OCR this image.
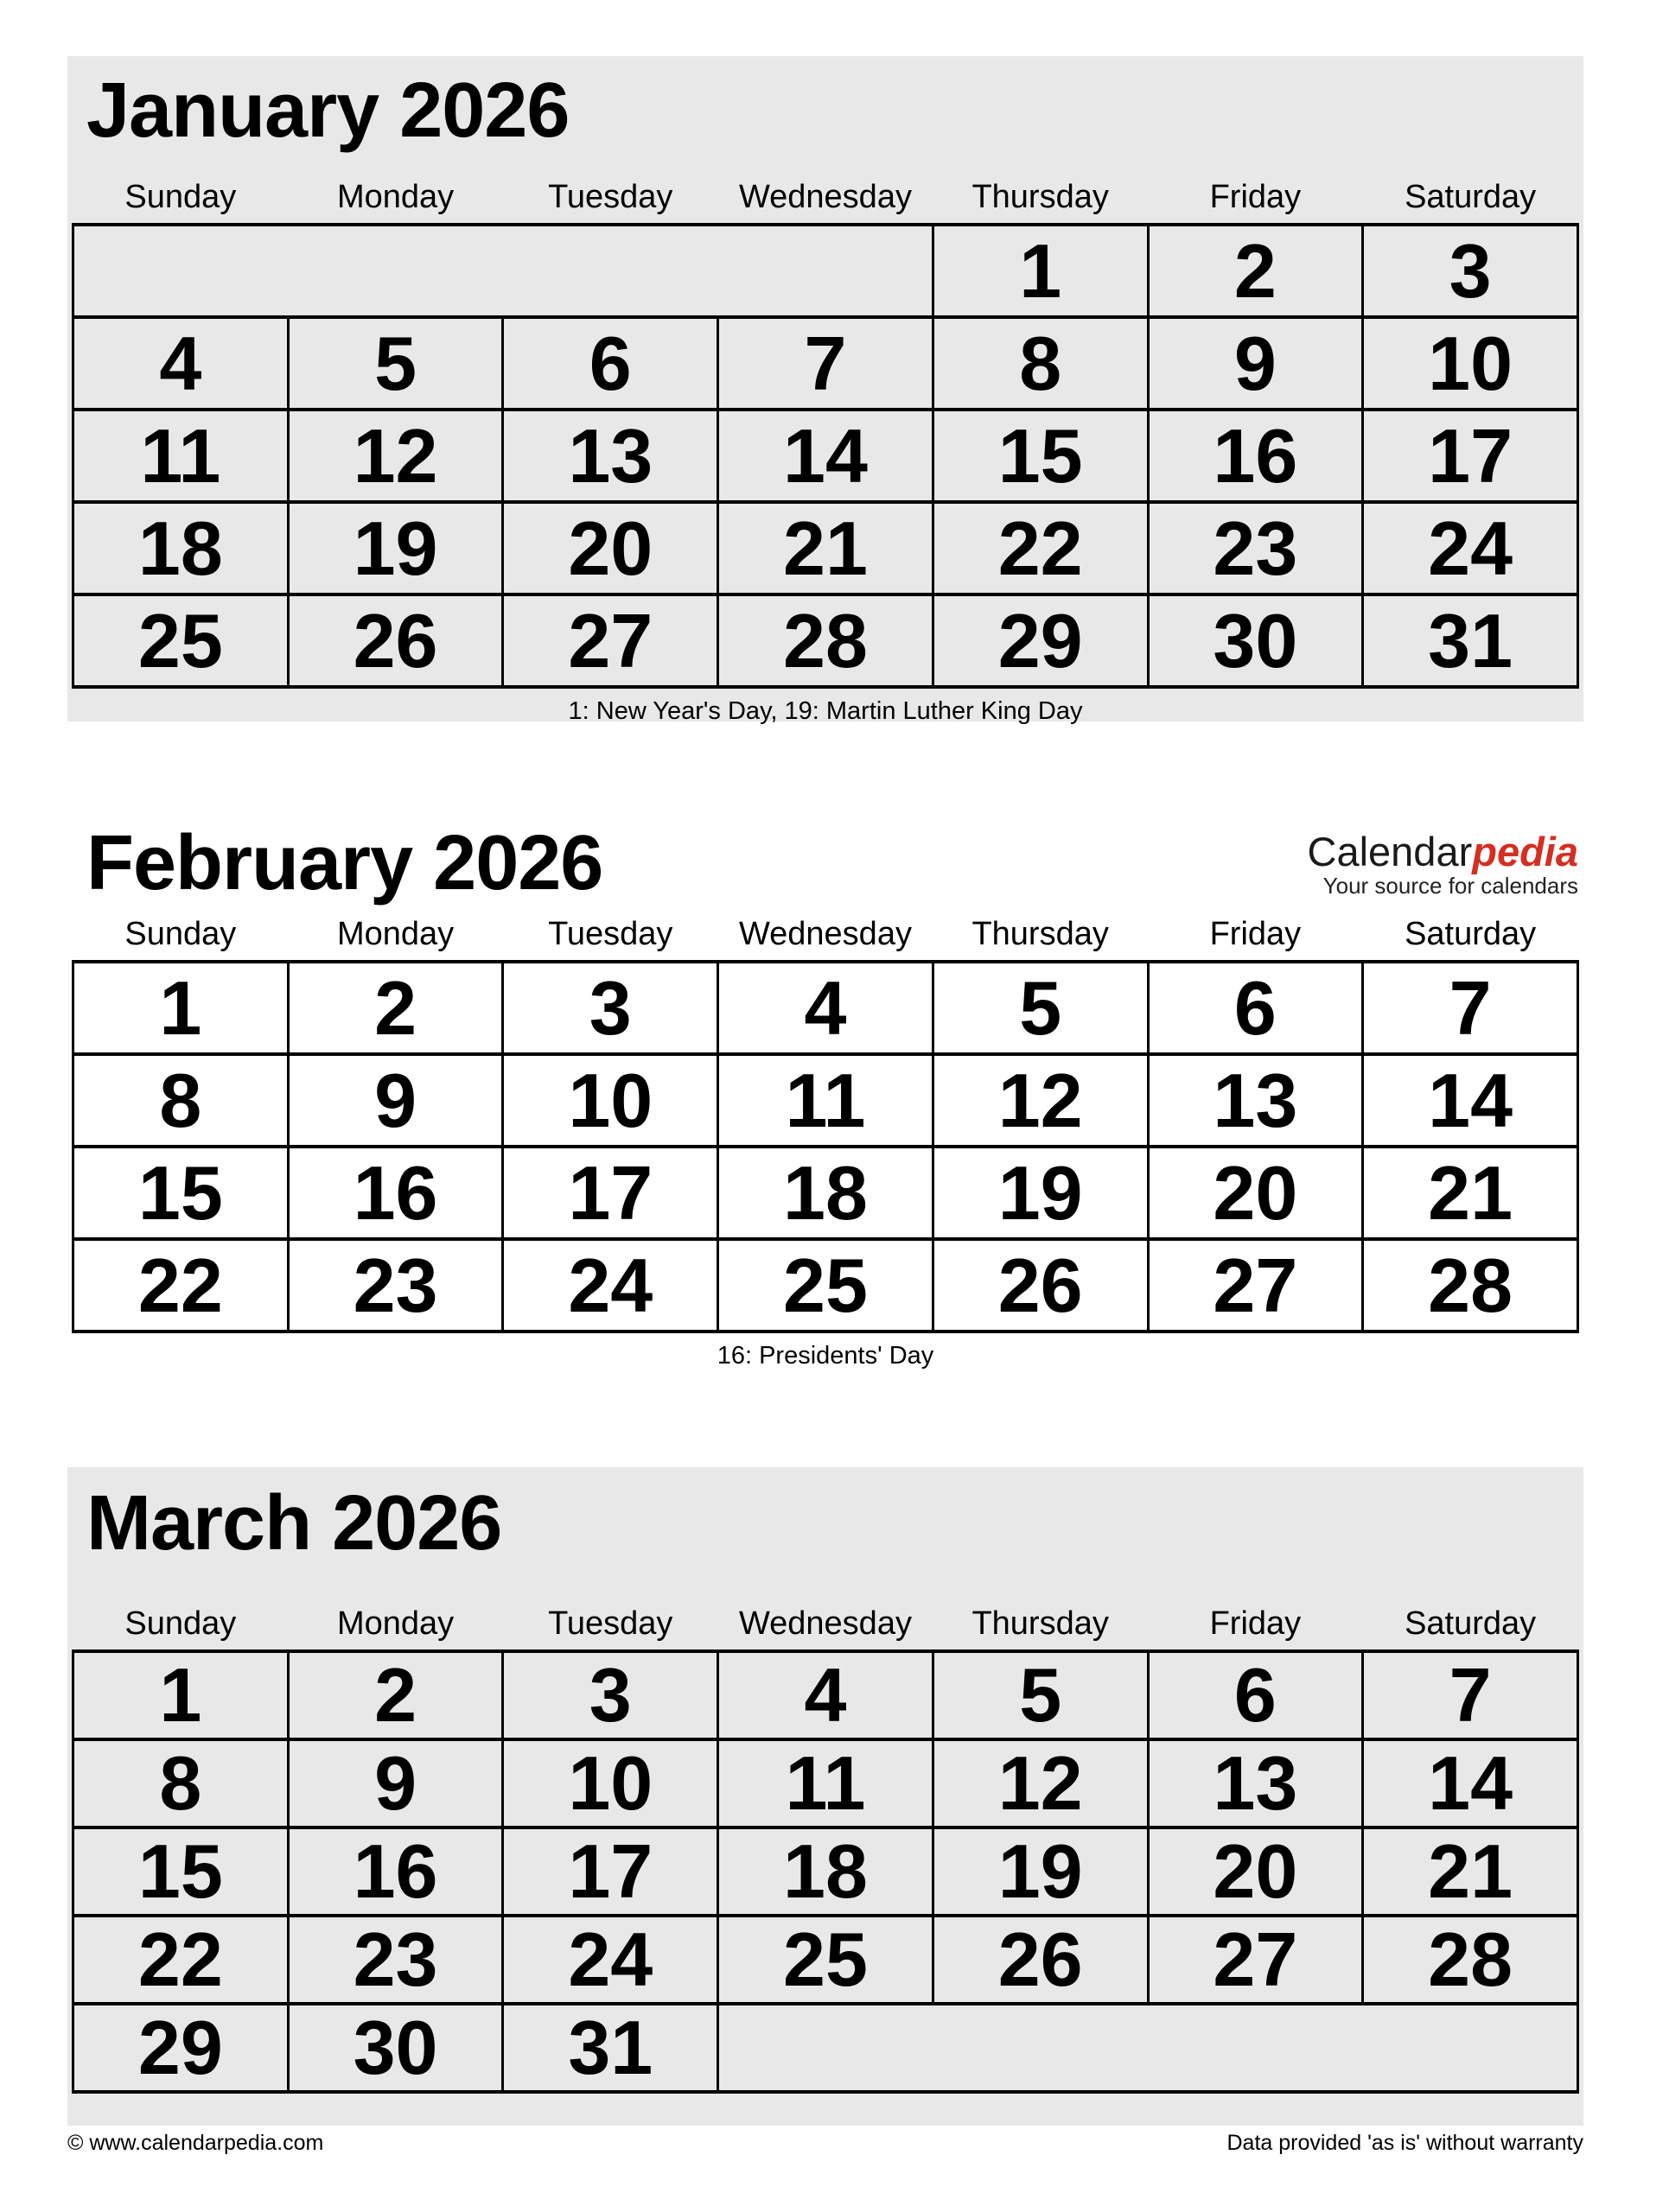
January 2026
Sunday	Monday	Tuesday	Wednesday	Thursday	Friday	Saturday
				1	2	3
4	5	6	7	8	9	10
11	12	13	14	15	16	17
18	19	20	21	22	23	24
25	26	27	28	29	30	31
1: New Year's Day, 19: Martin Luther King Day
February 2026	Calendarpedia
Your source for calendars
Sunday	Monday	Tuesday	Wednesday	Thursday	Friday	Saturday
1	2	3	4	5	6	7
8	9	10	11	12	13	14
15	16	17	18	19	20	21
22	23	24	25	26	27	28
16: Presidents' Day
March 2026
Sunday	Monday	Tuesday	Wednesday	Thursday	Friday	Saturday
1	2	3	4	5	6	7
8	9	10	11	12	13	14
15	16	17	18	19	20	21
22	23	24	25	26	27	28
29	30	31				
© www.calendarpedia.com	Data provided 'as is' without warranty
